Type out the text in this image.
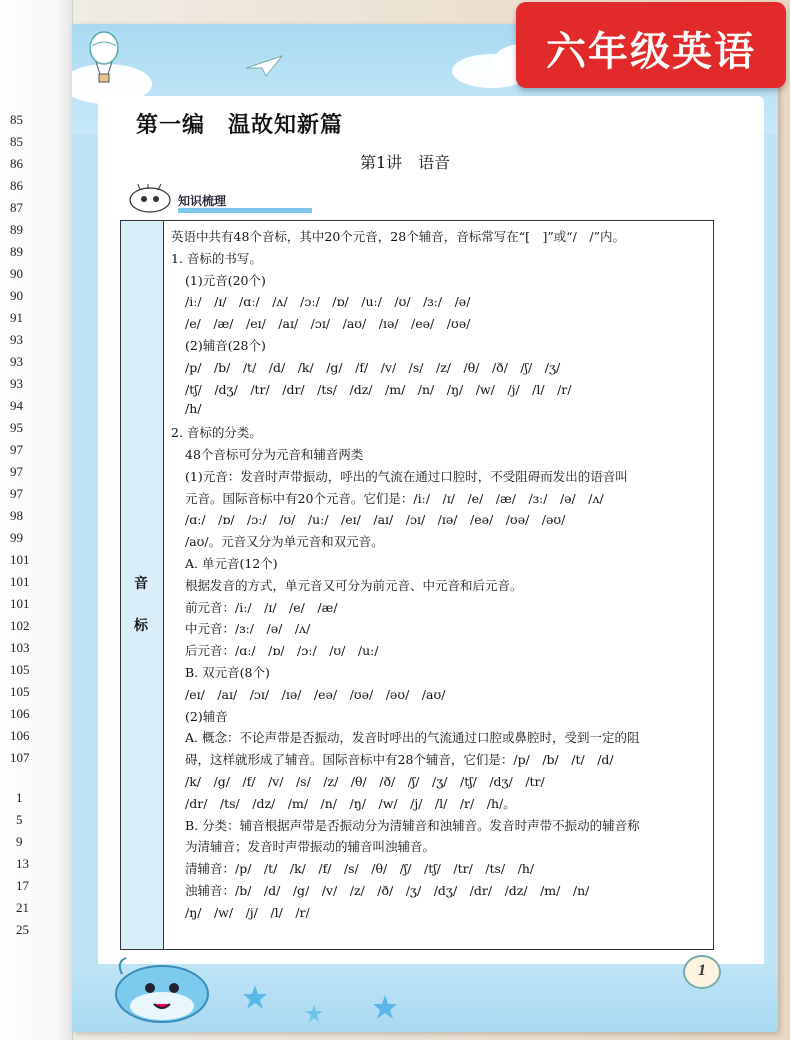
85
85
86
86
87
89
89
90
90
91
93
93
93
94
95
97
97
97
98
99
101
101
101
102
103
105
105
106
106
107
1
5
9
13
17
21
25
第一编　温故知新篇
第1讲　语音
知识梳理
音
标
英语中共有48个音标，其中20个元音，28个辅音，音标常写在“[　]”或“/　/”内。
1. 音标的书写。
(1)元音(20个)
/iː/　/ɪ/　/ɑː/　/ʌ/　/ɔː/　/ɒ/　/uː/　/ʊ/　/ɜː/　/ə/
/e/　/æ/　/eɪ/　/aɪ/　/ɔɪ/　/aʊ/　/ɪə/　/eə/　/ʊə/
(2)辅音(28个)
/p/　/b/　/t/　/d/　/k/　/g/　/f/　/v/　/s/　/z/　/θ/　/ð/　/ʃ/　/ʒ/
/tʃ/　/dʒ/　/tr/　/dr/　/ts/　/dz/　/m/　/n/　/ŋ/　/w/　/j/　/l/　/r/
/h/
2. 音标的分类。
48个音标可分为元音和辅音两类
(1)元音：发音时声带振动，呼出的气流在通过口腔时，不受阻碍而发出的语音叫
元音。国际音标中有20个元音。它们是：/iː/　/ɪ/　/e/　/æ/　/ɜː/　/ə/　/ʌ/
/ɑː/　/ɒ/　/ɔː/　/ʊ/　/uː/　/eɪ/　/aɪ/　/ɔɪ/　/ɪə/　/eə/　/ʊə/　/əʊ/
/aʊ/。元音又分为单元音和双元音。
A. 单元音(12个)
根据发音的方式，单元音又可分为前元音、中元音和后元音。
前元音：/iː/　/ɪ/　/e/　/æ/
中元音：/ɜː/　/ə/　/ʌ/
后元音：/ɑː/　/ɒ/　/ɔː/　/ʊ/　/uː/
B. 双元音(8个)
/eɪ/　/aɪ/　/ɔɪ/　/ɪə/　/eə/　/ʊə/　/əʊ/　/aʊ/
(2)辅音
A. 概念：不论声带是否振动，发音时呼出的气流通过口腔或鼻腔时，受到一定的阻
碍，这样就形成了辅音。国际音标中有28个辅音，它们是：/p/　/b/　/t/　/d/
/k/　/g/　/f/　/v/　/s/　/z/　/θ/　/ð/　/ʃ/　/ʒ/　/tʃ/　/dʒ/　/tr/
/dr/　/ts/　/dz/　/m/　/n/　/ŋ/　/w/　/j/　/l/　/r/　/h/。
B. 分类：辅音根据声带是否振动分为清辅音和浊辅音。发音时声带不振动的辅音称
为清辅音；发音时声带振动的辅音叫浊辅音。
清辅音：/p/　/t/　/k/　/f/　/s/　/θ/　/ʃ/　/tʃ/　/tr/　/ts/　/h/
浊辅音：/b/　/d/　/g/　/v/　/z/　/ð/　/ʒ/　/dʒ/　/dr/　/dz/　/m/　/n/
/ŋ/　/w/　/j/　/l/　/r/
1
六年级英语
